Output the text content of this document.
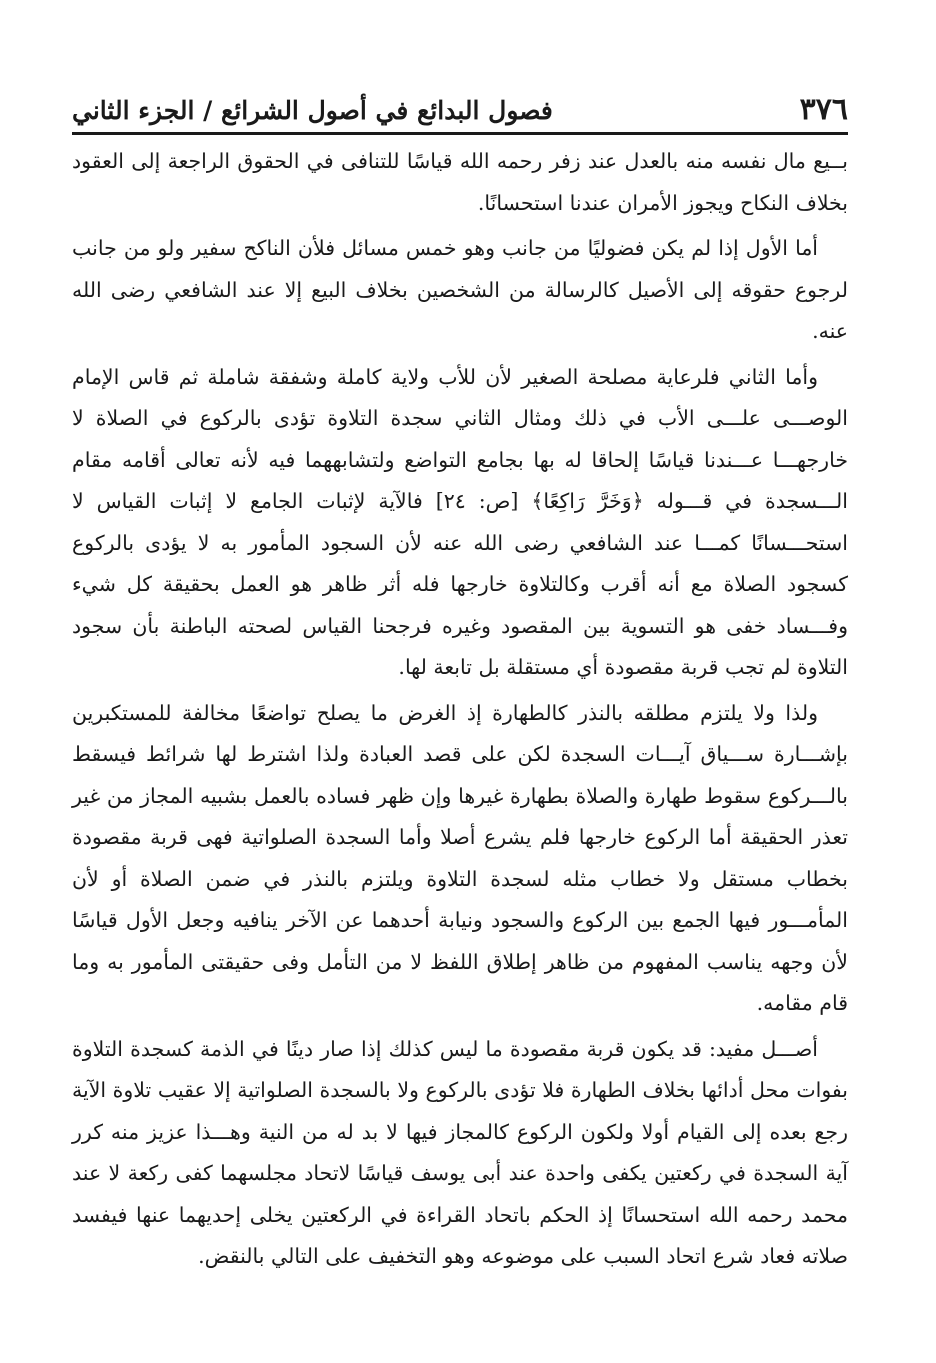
٣٧٦
فصول البدائع في أصول الشرائع / الجزء الثاني

بــيع مال نفسه منه بالعدل عند زفر رحمه الله قياسًا للتنافى في الحقوق الراجعة إلى العقود بخلاف النكاح ويجوز الأمران عندنا استحسانًا.

أما الأول إذا لم يكن فضوليًا من جانب وهو خمس مسائل فلأن الناكح سفير ولو من جانب لرجوع حقوقه إلى الأصيل كالرسالة من الشخصين بخلاف البيع إلا عند الشافعي رضى الله عنه.

وأما الثاني فلرعاية مصلحة الصغير لأن للأب ولاية كاملة وشفقة شاملة ثم قاس الإمام الوصـــى علـــى الأب في ذلك ومثال الثاني سجدة التلاوة تؤدى بالركوع في الصلاة لا خارجهـــا عـــندنا قياسًا إلحاقا له بها بجامع التواضع ولتشابههما فيه لأنه تعالى أقامه مقام الـــسجدة في قـــوله ﴿وَخَرَّ رَاكِعًا﴾ [ص: ٢٤] فالآية لإثبات الجامع لا إثبات القياس لا استحـــسانًا كمـــا عند الشافعي رضى الله عنه لأن السجود المأمور به لا يؤدى بالركوع كسجود الصلاة مع أنه أقرب وكالتلاوة خارجها فله أثر ظاهر هو العمل بحقيقة كل شيء وفـــساد خفى هو التسوية بين المقصود وغيره فرجحنا القياس لصحته الباطنة بأن سجود التلاوة لم تجب قربة مقصودة أي مستقلة بل تابعة لها.

ولذا ولا يلتزم مطلقه بالنذر كالطهارة إذ الغرض ما يصلح تواضعًا مخالفة للمستكبرين بإشـــارة ســـياق آيـــات السجدة لكن على قصد العبادة ولذا اشترط لها شرائط فيسقط بالـــركوع سقوط طهارة والصلاة بطهارة غيرها وإن ظهر فساده بالعمل بشبيه المجاز من غير تعذر الحقيقة أما الركوع خارجها فلم يشرع أصلا وأما السجدة الصلواتية فهى قربة مقصودة بخطاب مستقل ولا خطاب مثله لسجدة التلاوة ويلتزم بالنذر في ضمن الصلاة أو لأن المأمـــور فيها الجمع بين الركوع والسجود ونيابة أحدهما عن الآخر ينافيه وجعل الأول قياسًا لأن وجهه يناسب المفهوم من ظاهر إطلاق اللفظ لا من التأمل وفى حقيقتى المأمور به وما قام مقامه.

أصـــل مفيد: قد يكون قربة مقصودة ما ليس كذلك إذا صار دينًا في الذمة كسجدة التلاوة بفوات محل أدائها بخلاف الطهارة فلا تؤدى بالركوع ولا بالسجدة الصلواتية إلا عقيب تلاوة الآية رجع بعده إلى القيام أولا ولكون الركوع كالمجاز فيها لا بد له من النية وهـــذا عزيز منه كرر آية السجدة في ركعتين يكفى واحدة عند أبى يوسف قياسًا لاتحاد مجلسهما كفى ركعة لا عند محمد رحمه الله استحسانًا إذ الحكم باتحاد القراءة في الركعتين يخلى إحديهما عنها فيفسد صلاته فعاد شرع اتحاد السبب على موضوعه وهو التخفيف على التالي بالنقض.
